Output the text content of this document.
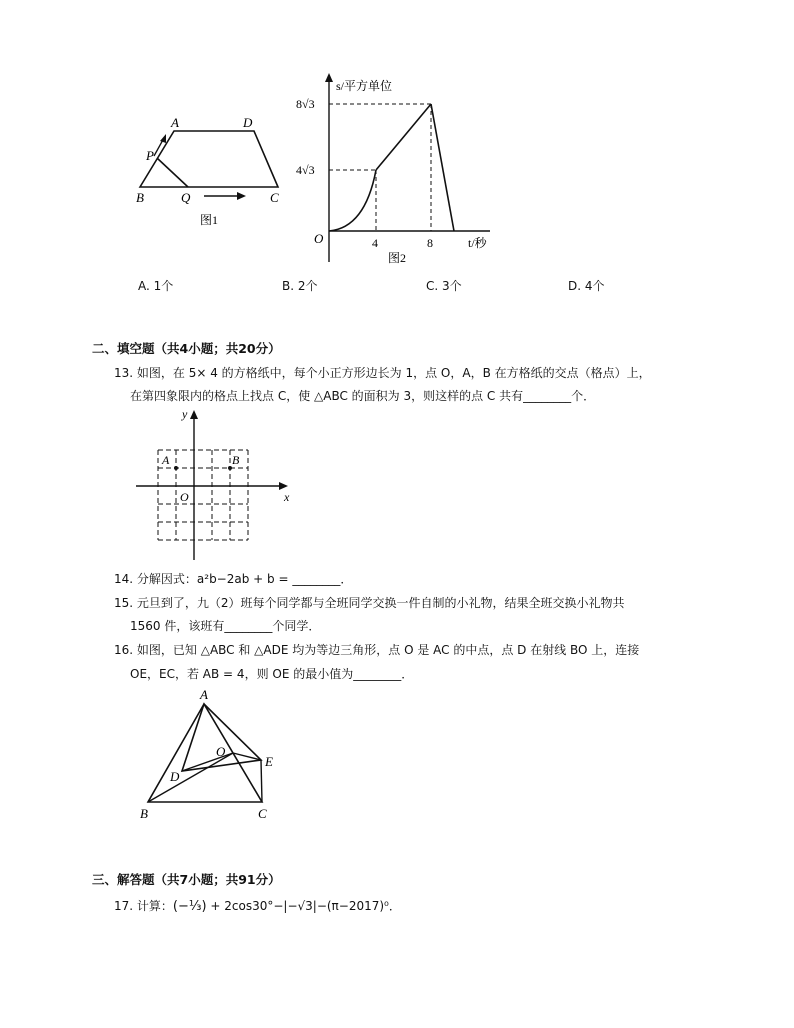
A	D
P
B	Q	C
图1
s/平方单位
t/秒
O
8√3
4√3
4	8
图2
A. 1个	B. 2个	C. 3个	D. 4个
二、填空题（共4小题；共20分）
13. 如图，在 5× 4 的方格纸中，每个小正方形边长为 1，点 O，A，B 在方格纸的交点（格点）上，
在第四象限内的格点上找点 C，使 △ABC 的面积为 3，则这样的点 C 共有________个．
y
x
A	B
O
14. 分解因式：a²b−2ab + b = ________．
15. 元旦到了，九（2）班每个同学都与全班同学交换一件自制的小礼物，结果全班交换小礼物共
1560 件，该班有________个同学．
16. 如图，已知 △ABC 和 △ADE 均为等边三角形，点 O 是 AC 的中点，点 D 在射线 BO 上，连接
OE，EC，若 AB = 4，则 OE 的最小值为________．
A
O
E
D
B	C
三、解答题（共7小题；共91分）
17. 计算：(−⅓) + 2cos30°−|−√3|−(π−2017)⁰．
